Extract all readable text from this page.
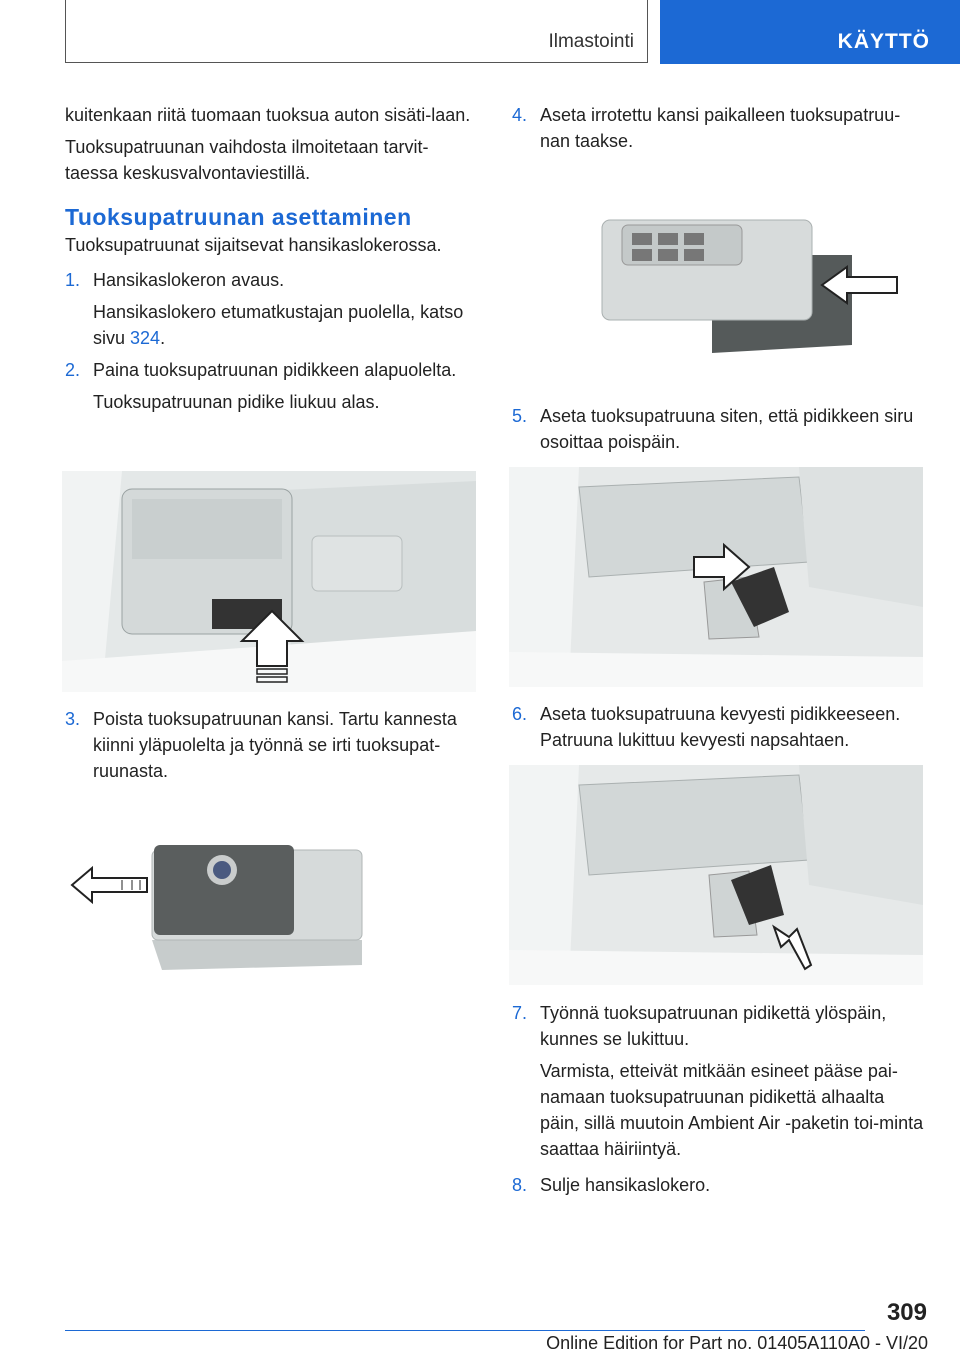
Ilmastointi	KÄYTTÖ

kuitenkaan riitä tuomaan tuoksua auton sisäti-laan.

Tuoksupatruunan vaihdosta ilmoitetaan tarvit-taessa keskusvalvontaviestillä.

Tuoksupatruunan asettaminen

Tuoksupatruunat sijaitsevat hansikaslokerossa.

1. Hansikaslokeron avaus.

Hansikaslokero etumatkustajan puolella, katso sivu 324.

2. Paina tuoksupatruunan pidikkeen alapuolelta.

Tuoksupatruunan pidike liukuu alas.

3. Poista tuoksupatruunan kansi. Tartu kannesta kiinni yläpuolelta ja työnnä se irti tuoksupat-ruunasta.
4. Aseta irrotettu kansi paikalleen tuoksupatruu-nan taakse.
5. Aseta tuoksupatruuna siten, että pidikkeen siru osoittaa poispäin.
6. Aseta tuoksupatruuna kevyesti pidikkeeseen. Patruuna lukittuu kevyesti napsahtaen.
7. Työnnä tuoksupatruunan pidikettä ylöspäin, kunnes se lukittuu.

Varmista, etteivät mitkään esineet pääse pai-namaan tuoksupatruunan pidikettä alhaalta päin, sillä muutoin Ambient Air -paketin toi-minta saattaa häiriintyä.

8. Sulje hansikaslokero.
309
Online Edition for Part no. 01405A110A0 - VI/20
